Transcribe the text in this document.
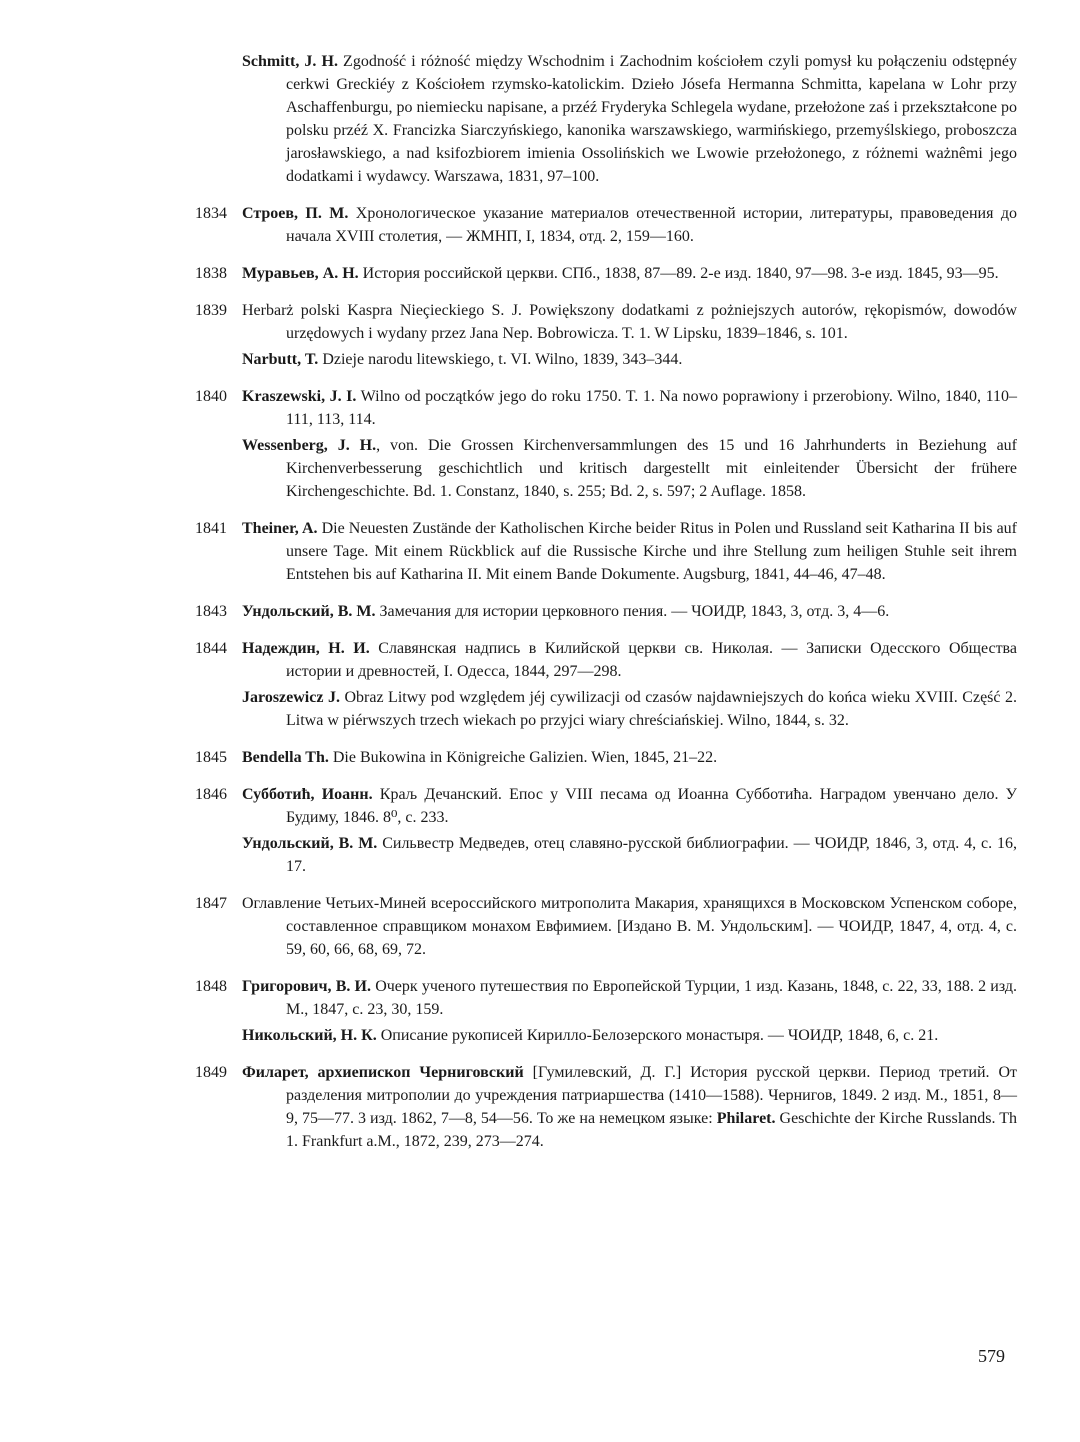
Schmitt, J. H. Zgodność i różność między Wschodnim i Zachodnim kościołem czyli pomysł ku połączeniu odstępnéy cerkwi Greckiéy z Kościołem rzymsko-katolickim. Dzieło Jósefa Hermanna Schmitta, kapelana w Lohr przy Aschaffenburgu, po niemiecku napisane, a przéź Fryderyka Schlegela wydane, przełożone zaś i przekształcone po polsku przéź X. Francizka Siarczyńskiego, kanonika warszawskiego, warmińskiego, przemyślskiego, proboszcza jarosławskiego, a nad ksifozbiorem imienia Ossolińskich we Lwowie przełożonego, z różnemi ważnêmi jego dodatkami i wydawcy. Warszawa, 1831, 97–100.
1834 Строев, П. М. Хронологическое указание материалов отечественной истории, литературы, правоведения до начала XVIII столетия, — ЖМНП, I, 1834, отд. 2, 159—160.
1838 Муравьев, А. Н. История российской церкви. СПб., 1838, 87—89. 2-е изд. 1840, 97—98. 3-е изд. 1845, 93—95.
1839 Herbarż polski Kaspra Nieçieckiego S. J. Powiększony dodatkami z pożniejszych autorów, rękopismów, dowodów urzędowych i wydany przez Jana Nep. Bobrowicza. T. 1. W Lipsku, 1839–1846, s. 101.
Narbutt, T. Dzieje narodu litewskiego, t. VI. Wilno, 1839, 343–344.
1840 Kraszewski, J. I. Wilno od początków jego do roku 1750. T. 1. Na nowo poprawiony i przerobiony. Wilno, 1840, 110–111, 113, 114.
Wessenberg, J. H., von. Die Grossen Kirchenversammlungen des 15 und 16 Jahrhunderts in Beziehung auf Kirchenverbesserung geschichtlich und kritisch dargestellt mit einleitender Übersicht der frühere Kirchengeschichte. Bd. 1. Constanz, 1840, s. 255; Bd. 2, s. 597; 2 Auflage. 1858.
1841 Theiner, A. Die Neuesten Zustände der Katholischen Kirche beider Ritus in Polen und Russland seit Katharina II bis auf unsere Tage. Mit einem Rückblick auf die Russische Kirche und ihre Stellung zum heiligen Stuhle seit ihrem Entstehen bis auf Katharina II. Mit einem Bande Dokumente. Augsburg, 1841, 44–46, 47–48.
1843 Ундольский, В. М. Замечания для истории церковного пения. — ЧОИДР, 1843, 3, отд. 3, 4—6.
1844 Надеждин, Н. И. Славянская надпись в Килийской церкви св. Николая. — Записки Одесского Общества истории и древностей, I. Одесса, 1844, 297—298.
Jaroszewicz J. Obraz Litwy pod względem jéj cywilizacji od czasów najdawniejszych do końca wieku XVIII. Część 2. Litwa w piérwszych trzech wiekach po przyjci wiary chreściańskiej. Wilno, 1844, s. 32.
1845 Bendella Th. Die Bukowina in Königreiche Galizien. Wien, 1845, 21–22.
1846 Субботић, Иоанн. Краљ Дечанский. Епос у VIII песама од Иоанна Субботића. Наградом увенчано дело. У Будиму, 1846. 8⁰, с. 233.
Ундольский, В. М. Сильвестр Медведев, отец славяно-русской библиографии. — ЧОИДР, 1846, 3, отд. 4, с. 16, 17.
1847 Оглавление Четьих-Миней всероссийского митрополита Макария, хранящихся в Московском Успенском соборе, составленное справщиком монахом Евфимием. [Издано В. М. Ундольским]. — ЧОИДР, 1847, 4, отд. 4, с. 59, 60, 66, 68, 69, 72.
1848 Григорович, В. И. Очерк ученого путешествия по Европейской Турции, 1 изд. Казань, 1848, с. 22, 33, 188. 2 изд. М., 1847, с. 23, 30, 159.
Никольский, Н. К. Описание рукописей Кирилло-Белозерского монастыря. — ЧОИДР, 1848, 6, с. 21.
1849 Филарет, архиепископ Черниговский [Гумилевский, Д. Г.] История русской церкви. Период третий. От разделения митрополии до учреждения патриаршества (1410—1588). Чернигов, 1849. 2 изд. М., 1851, 8—9, 75—77. 3 изд. 1862, 7—8, 54—56. То же на немецком языке: Philaret. Geschichte der Kirche Russlands. Th 1. Frankfurt a.M., 1872, 239, 273—274.
579
